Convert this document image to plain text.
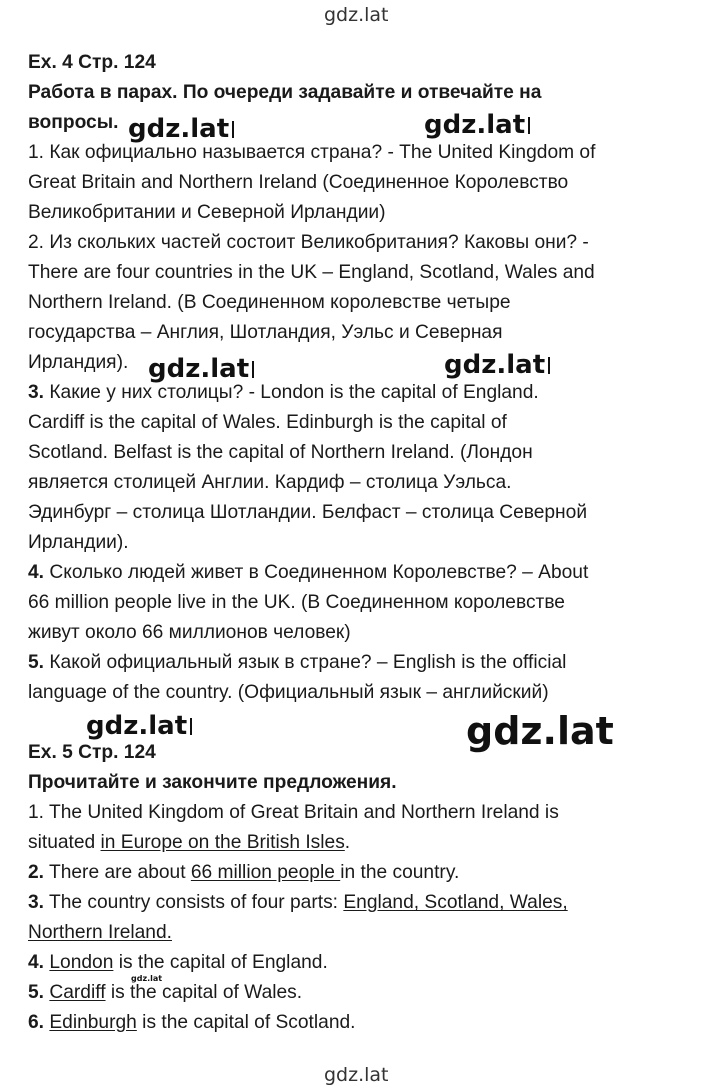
gdz.lat
gdz.lat	gdz.lat
gdz.lat	gdz.lat
gdz.lat	gdz.lat
gdz.lat
gdz.lat
Ex. 4 Стр. 124
Работа в парах. По очереди задавайте и отвечайте на
вопросы.
1. Как официально называется страна? - The United Kingdom of
Great Britain and Northern Ireland (Соединенное Королевство
Великобритании и Северной Ирландии)
2. Из скольких частей состоит Великобритания? Каковы они? -
There are four countries in the UK – England, Scotland, Wales and
Northern Ireland. (В Соединенном королевстве четыре
государства – Англия, Шотландия, Уэльс и Северная
Ирландия).
3. Какие у них столицы? - London is the capital of England.
Cardiff is the capital of Wales. Edinburgh is the capital of
Scotland. Belfast is the capital of Northern Ireland. (Лондон
является столицей Англии. Кардиф – столица Уэльса.
Эдинбург – столица Шотландии. Белфаст – столица Северной
Ирландии).
4. Сколько людей живет в Соединенном Королевстве? – About
66 million people live in the UK. (В Соединенном королевстве
живут около 66 миллионов человек)
5. Какой официальный язык в стране? – English is the official
language of the country. (Официальный язык – английский)
Ex. 5 Стр. 124
Прочитайте и закончите предложения.
1. The United Kingdom of Great Britain and Northern Ireland is
situated in Europe on the British Isles.
2. There are about 66 million people in the country.
3. The country consists of four parts: England, Scotland, Wales,
Northern Ireland.
4. London is the capital of England.
5. Cardiff is the capital of Wales.
6. Edinburgh is the capital of Scotland.
